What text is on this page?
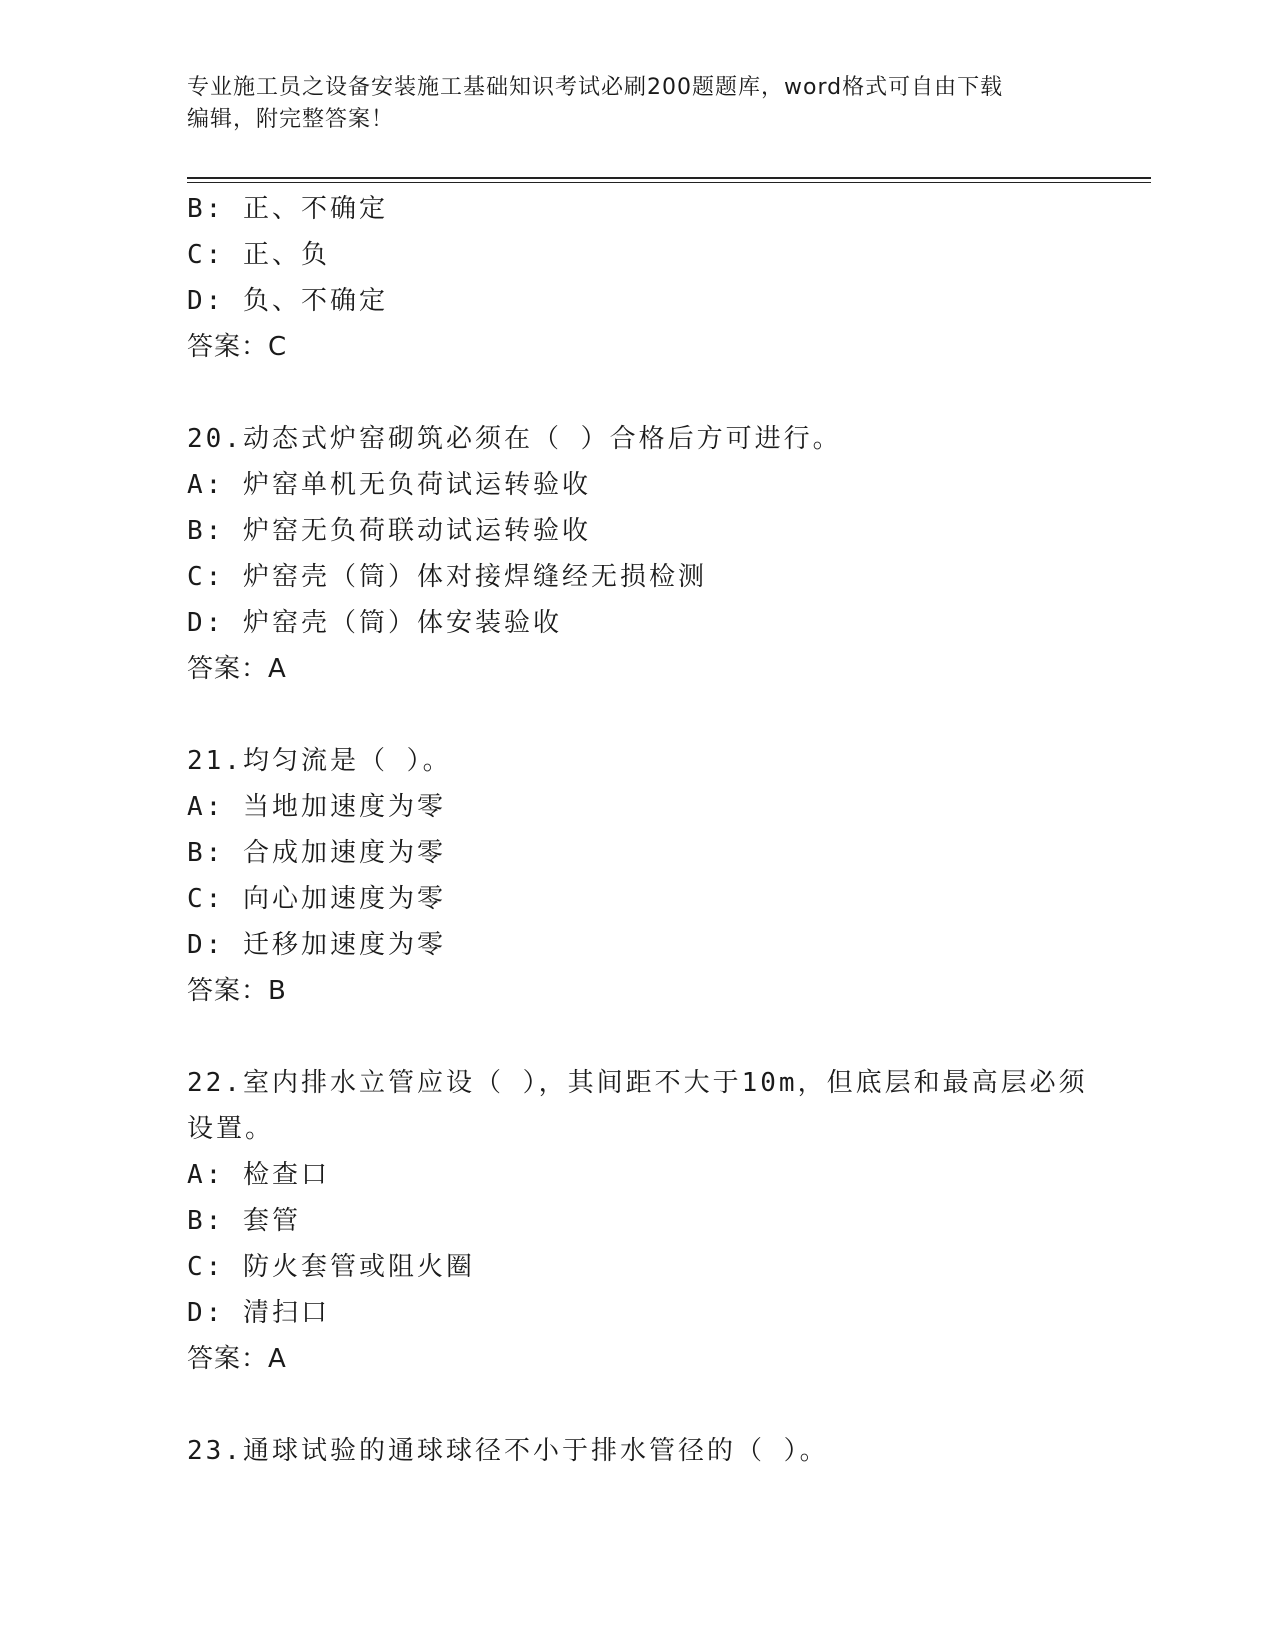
专业施工员之设备安装施工基础知识考试必刷200题题库，word格式可自由下载
编辑，附完整答案！
B: 正、不确定
C: 正、负
D: 负、不确定
答案：C
20.动态式炉窑砌筑必须在（ ）合格后方可进行。
A: 炉窑单机无负荷试运转验收
B: 炉窑无负荷联动试运转验收
C: 炉窑壳（筒）体对接焊缝经无损检测
D: 炉窑壳（筒）体安装验收
答案：A
21.均匀流是（ ）。
A: 当地加速度为零
B: 合成加速度为零
C: 向心加速度为零
D: 迁移加速度为零
答案：B
22.室内排水立管应设（ ），其间距不大于10m，但底层和最高层必须
设置。
A: 检查口
B: 套管
C: 防火套管或阻火圈
D: 清扫口
答案：A
23.通球试验的通球球径不小于排水管径的（ ）。
